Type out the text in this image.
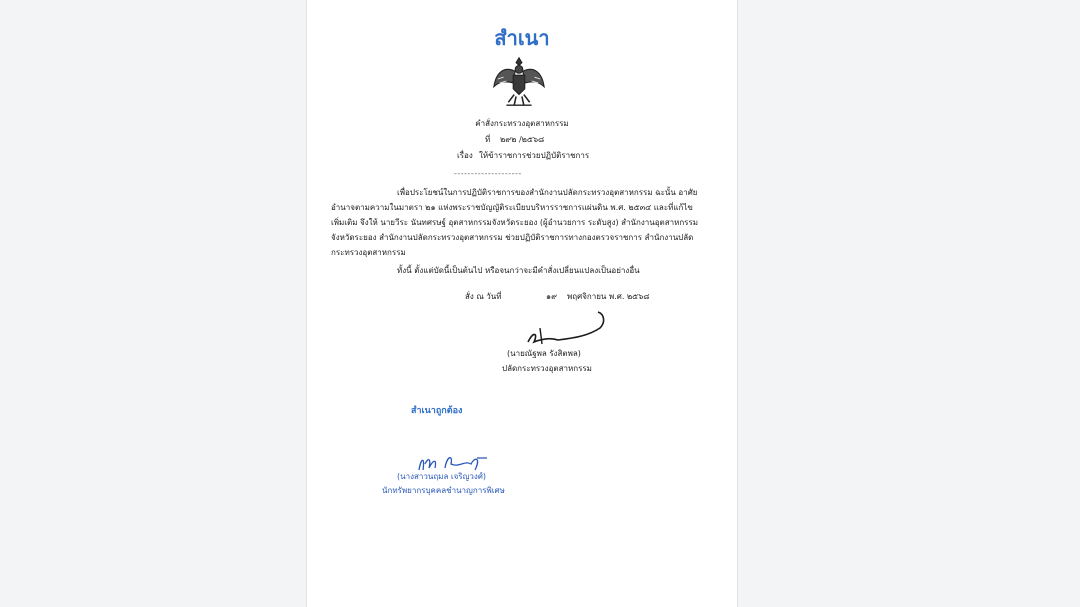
สำเนา
คำสั่งกระทรวงอุตสาหกรรม
ที่ ๒๙๒ /๒๕๖๘
เรื่อง ให้ข้าราชการช่วยปฏิบัติราชการ
--------------------
เพื่อประโยชน์ในการปฏิบัติราชการของสำนักงานปลัดกระทรวงอุตสาหกรรม ฉะนั้น อาศัย
อำนาจตามความในมาตรา ๒๑ แห่งพระราชบัญญัติระเบียบบริหารราชการแผ่นดิน พ.ศ. ๒๕๓๔ และที่แก้ไข
เพิ่มเติม จึงให้ นายวีระ นันทศรษฐ์ อุตสาหกรรมจังหวัดระยอง (ผู้อำนวยการ ระดับสูง) สำนักงานอุตสาหกรรม
จังหวัดระยอง สำนักงานปลัดกระทรวงอุตสาหกรรม ช่วยปฏิบัติราชการทางกองตรวจราชการ สำนักงานปลัด
กระทรวงอุตสาหกรรม
ทั้งนี้ ตั้งแต่บัดนี้เป็นต้นไป หรือจนกว่าจะมีคำสั่งเปลี่ยนแปลงเป็นอย่างอื่น
สั่ง ณ วันที่	๑๙ พฤศจิกายน พ.ศ. ๒๕๖๘
(นายณัฐพล รังสิตพล)
ปลัดกระทรวงอุตสาหกรรม
สำเนาถูกต้อง
(นางสาวนฤมล เจริญวงศ์)
นักทรัพยากรบุคคลชำนาญการพิเศษ
